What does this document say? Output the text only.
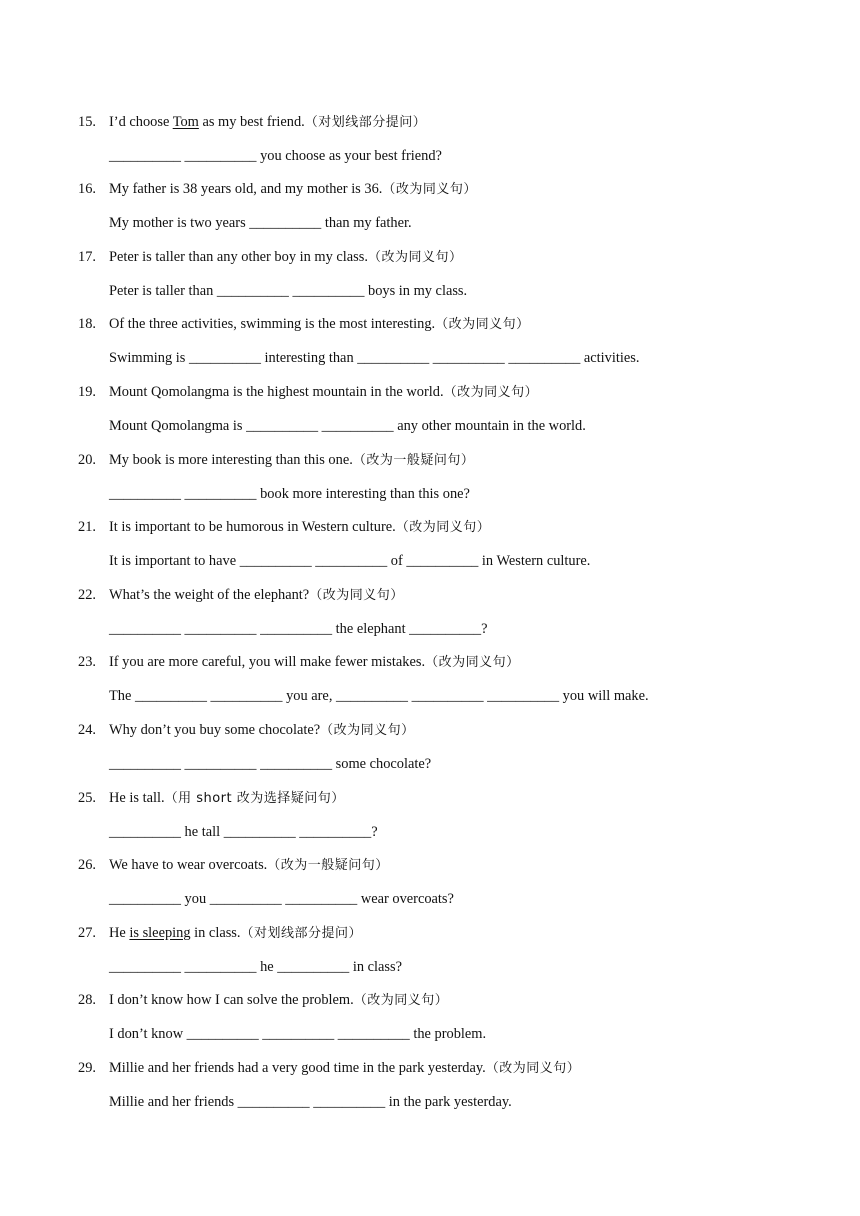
15. I’d choose Tom as my best friend.（对划线部分提问）
__________ __________ you choose as your best friend?
16. My father is 38 years old, and my mother is 36.（改为同义句）
My mother is two years __________ than my father.
17. Peter is taller than any other boy in my class.（改为同义句）
Peter is taller than __________ __________ boys in my class.
18. Of the three activities, swimming is the most interesting.（改为同义句）
Swimming is __________ interesting than __________ __________ __________ activities.
19. Mount Qomolangma is the highest mountain in the world.（改为同义句）
Mount Qomolangma is __________ __________ any other mountain in the world.
20. My book is more interesting than this one.（改为一般疑问句）
__________ __________ book more interesting than this one?
21. It is important to be humorous in Western culture.（改为同义句）
It is important to have __________ __________ of __________ in Western culture.
22. What’s the weight of the elephant?（改为同义句）
__________ __________ __________ the elephant __________?
23. If you are more careful, you will make fewer mistakes.（改为同义句）
The __________ __________ you are, __________ __________ __________ you will make.
24. Why don’t you buy some chocolate?（改为同义句）
__________ __________ __________ some chocolate?
25. He is tall.（用 short 改为选择疑问句）
__________ he tall __________ __________?
26. We have to wear overcoats.（改为一般疑问句）
__________ you __________ __________ wear overcoats?
27. He is sleeping in class.（对划线部分提问）
__________ __________ he __________ in class?
28. I don’t know how I can solve the problem.（改为同义句）
I don’t know __________ __________ __________ the problem.
29. Millie and her friends had a very good time in the park yesterday.（改为同义句）
Millie and her friends __________ __________ in the park yesterday.
